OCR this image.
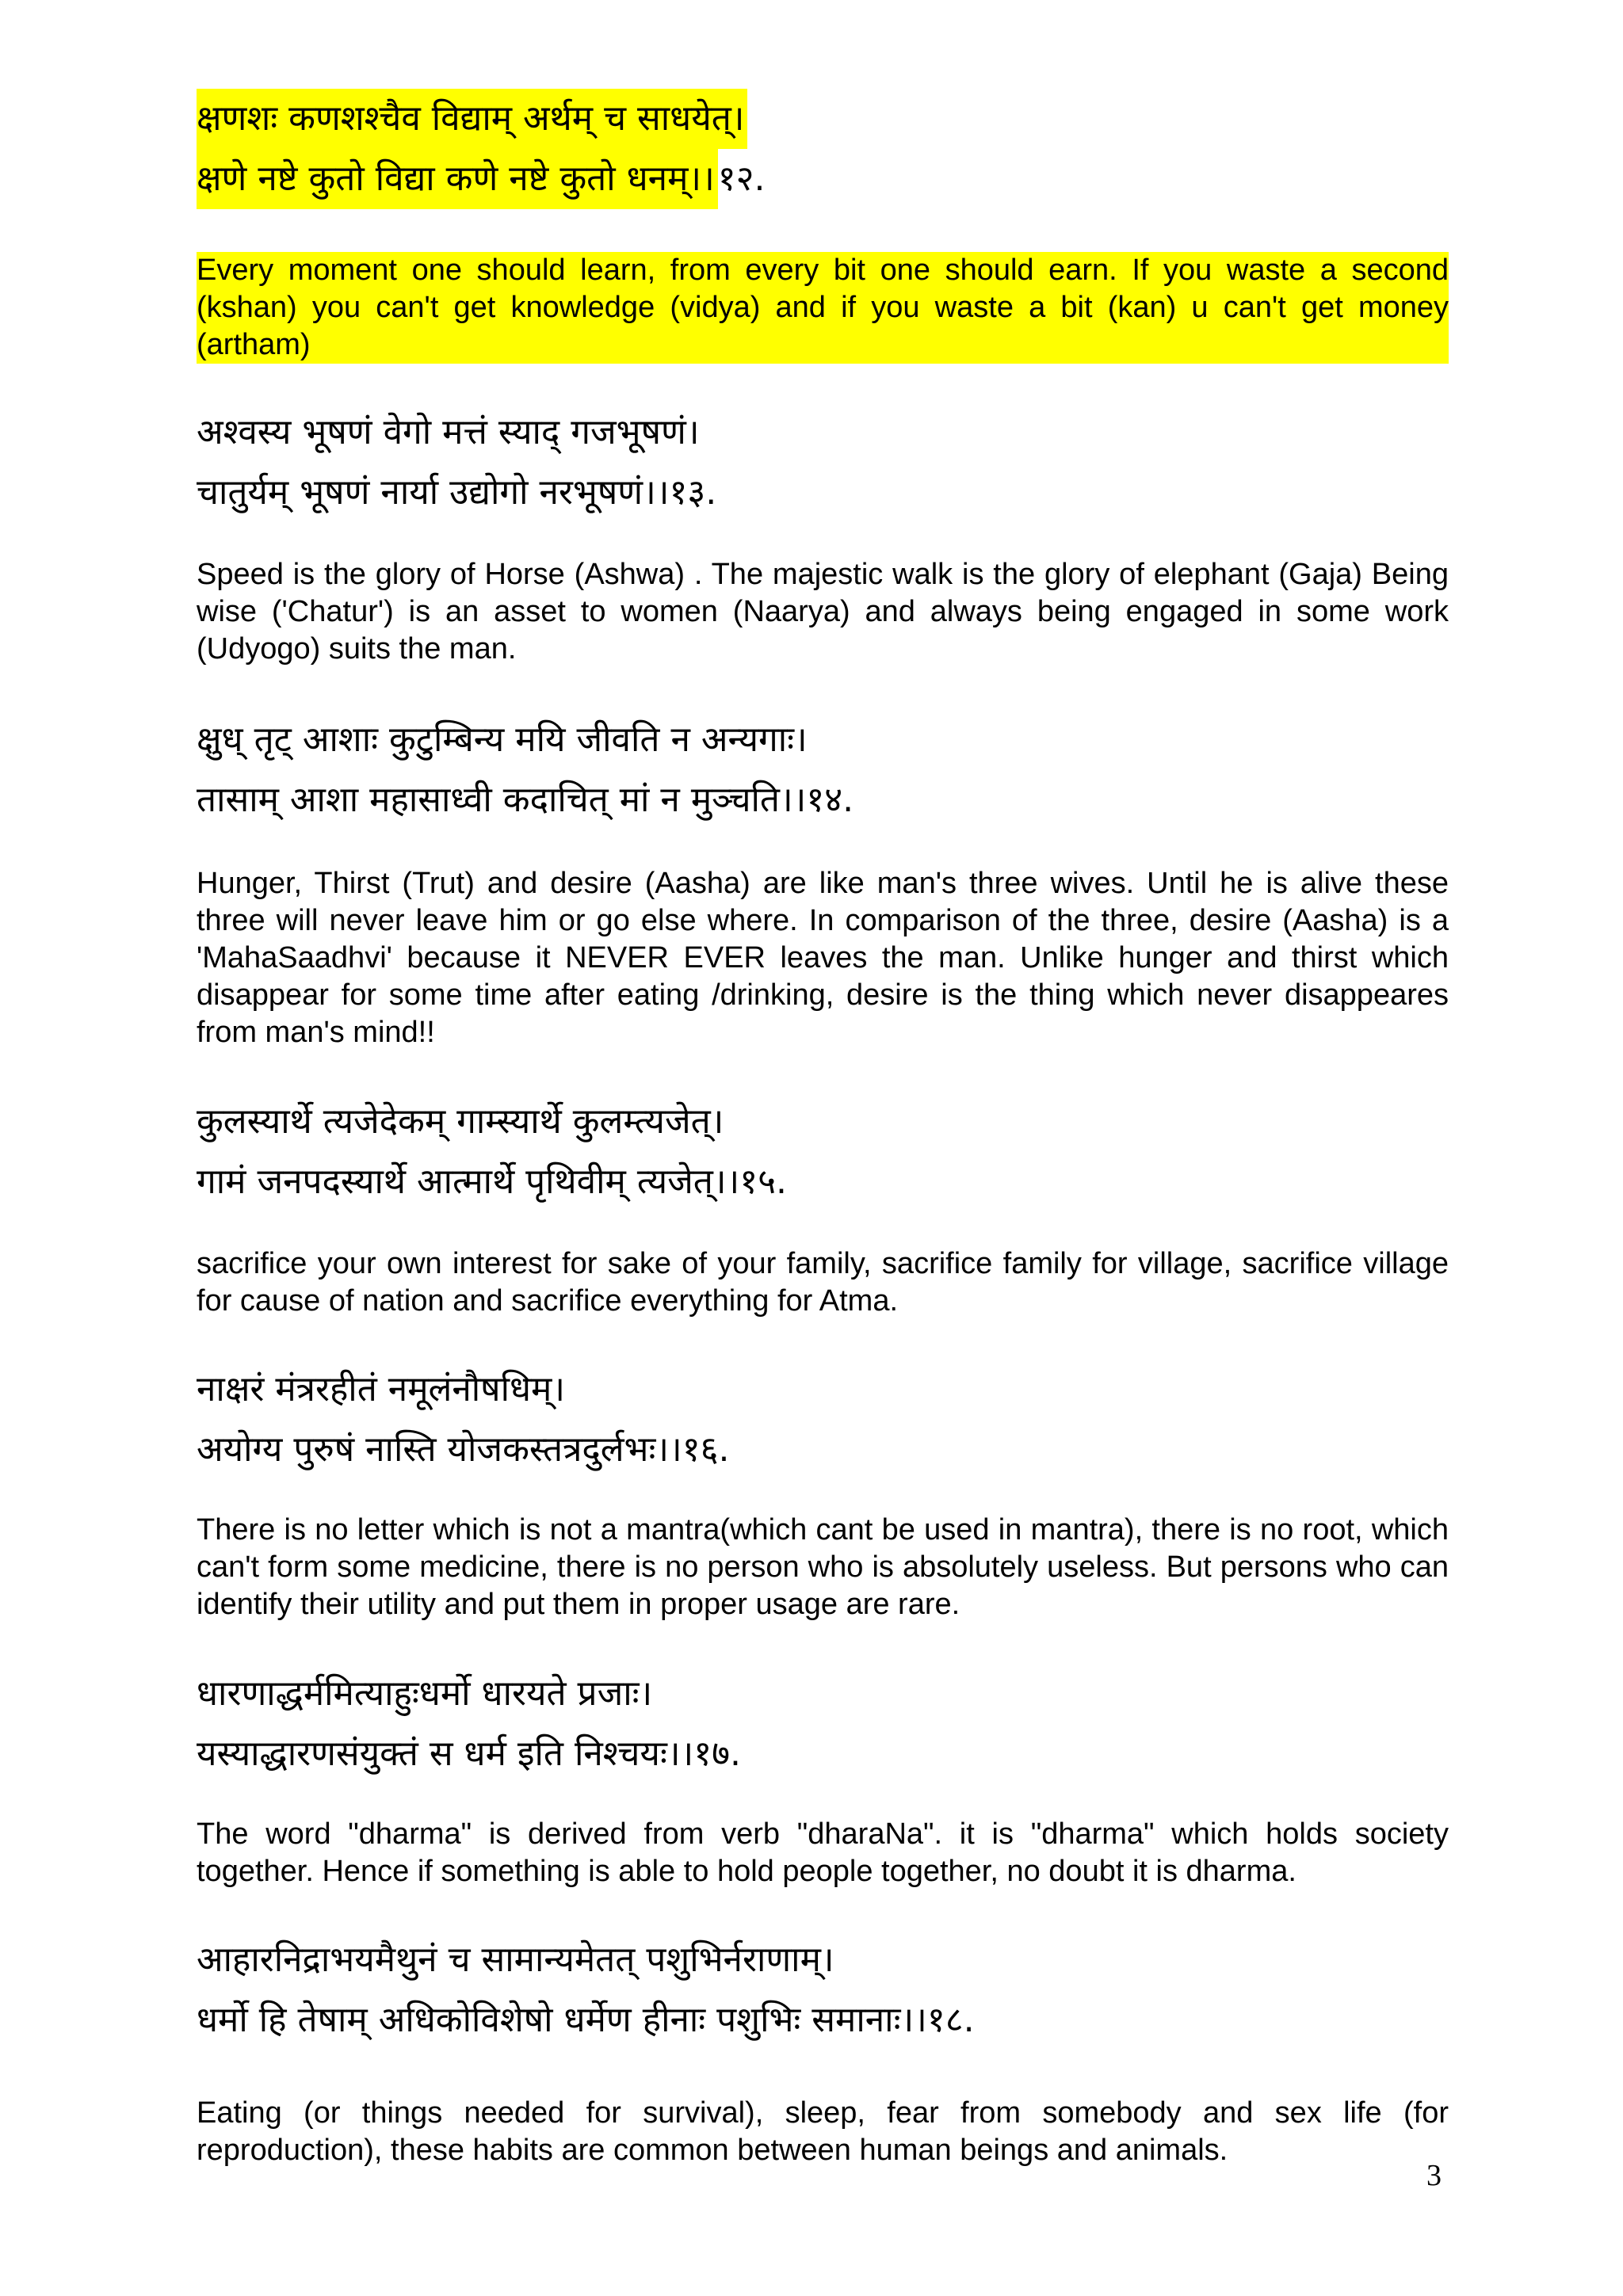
क्षणशः कणशश्चैव विद्याम् अर्थम् च साधयेत्।
क्षणे नष्टे कुतो विद्या कणे नष्टे कुतो धनम्।।१२.

Every moment one should learn, from every bit one should earn. If you waste a second (kshan) you can't get knowledge (vidya) and if you waste a bit (kan) u can't get money (artham)

अश्वस्य भूषणं वेगो मत्तं स्याद् गजभूषणं।
चातुर्यम् भूषणं नार्या उद्योगो नरभूषणं।।१३.

Speed is the glory of Horse (Ashwa) . The majestic walk is the glory of elephant (Gaja) Being wise ('Chatur') is an asset to women (Naarya) and always being engaged in some work (Udyogo) suits the man.

क्षुध् तृट् आशाः कुटुम्बिन्य मयि जीवति न अन्यगाः।
तासाम् आशा महासाध्वी कदाचित् मां न मुञ्चति।।१४.

Hunger, Thirst (Trut) and desire (Aasha) are like man's three wives. Until he is alive these three will never leave him or go else where. In comparison of the three, desire (Aasha) is a 'MahaSaadhvi' because it NEVER EVER leaves the man. Unlike hunger and thirst which disappear for some time after eating /drinking, desire is the thing which never disappeares from man's mind!!

कुलस्यार्थे त्यजेदेकम् गाम्स्यार्थे कुलम्त्यजेत्।
गामं जनपदस्यार्थे आत्मार्थे पृथिवीम् त्यजेत्।।१५.

sacrifice your own interest for sake of your family, sacrifice family for village, sacrifice village for cause of nation and sacrifice everything for Atma.

नाक्षरं मंत्ररहीतं नमूलंनौषधिम्।
अयोग्य पुरुषं नास्ति योजकस्तत्रदुर्लभः।।१६.

There is no letter which is not a mantra(which cant be used in mantra), there is no root, which can't form some medicine, there is no person who is absolutely useless. But persons who can identify their utility and put them in proper usage are rare.

धारणाद्धर्ममित्याहुःधर्मो धारयते प्रजाः।
यस्याद्धारणसंयुक्तं स धर्म इति निश्चयः।।१७.

The word "dharma" is derived from verb "dharaNa". it is "dharma" which holds society together. Hence if something is able to hold people together, no doubt it is dharma.

आहारनिद्राभयमैथुनं च सामान्यमेतत् पशुभिर्नराणाम्।
धर्मो हि तेषाम् अधिकोविशेषो धर्मेण हीनाः पशुभिः समानाः।।१८.

Eating (or things needed for survival), sleep, fear from somebody and sex life (for reproduction), these habits are common between human beings and animals.

3
